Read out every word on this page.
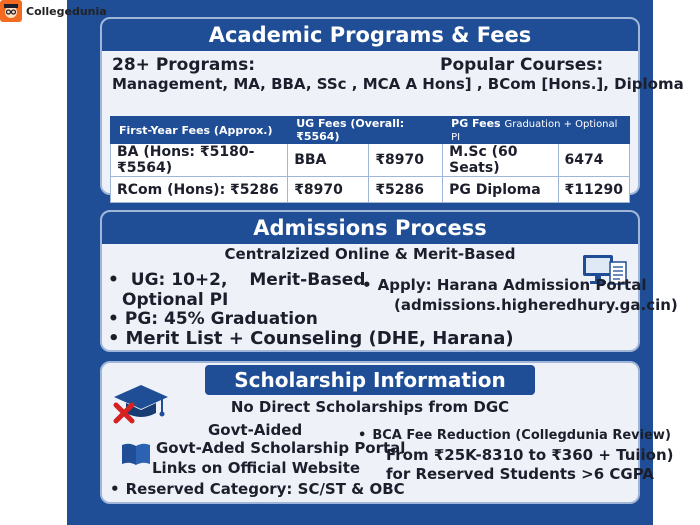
Collegedunia
Academic Programs & Fees
28+ Programs:	Popular Courses:
Management, MA, BBA, SSc , MCA A Hons] , BCom [Hons.], Diploma
First-Year Fees (Approx.)	UG Fees (Overall: ₹5564)		PG Fees Graduation + Optional PI	
BA (Hons: ₹5180-₹5564)	BBA	₹8970	M.Sc (60 Seats)	6474
RCom (Hons): ₹5286	₹8970	₹5286	PG Diploma	₹11290
Admissions Process
Centralzized Online & Merit-Based
• UG: 10+2, Merit-Based
Optional PI
• PG: 45% Graduation
• Merit List + Counseling (DHE, Harana)
• Apply: Harana Admission Portal
(admissions.higheredhury.ga.cin)
Scholarship Information
No Direct Scholarships from DGC
Govt-Aided
Govt-Aded Scholarship Portal
Links on Official Website
• Reserved Category: SC/ST & OBC
• BCA Fee Reduction (Collegdunia Review)
From ₹25K-8310 to ₹360 + Tuiion)
for Reserved Students >6 CGPA
